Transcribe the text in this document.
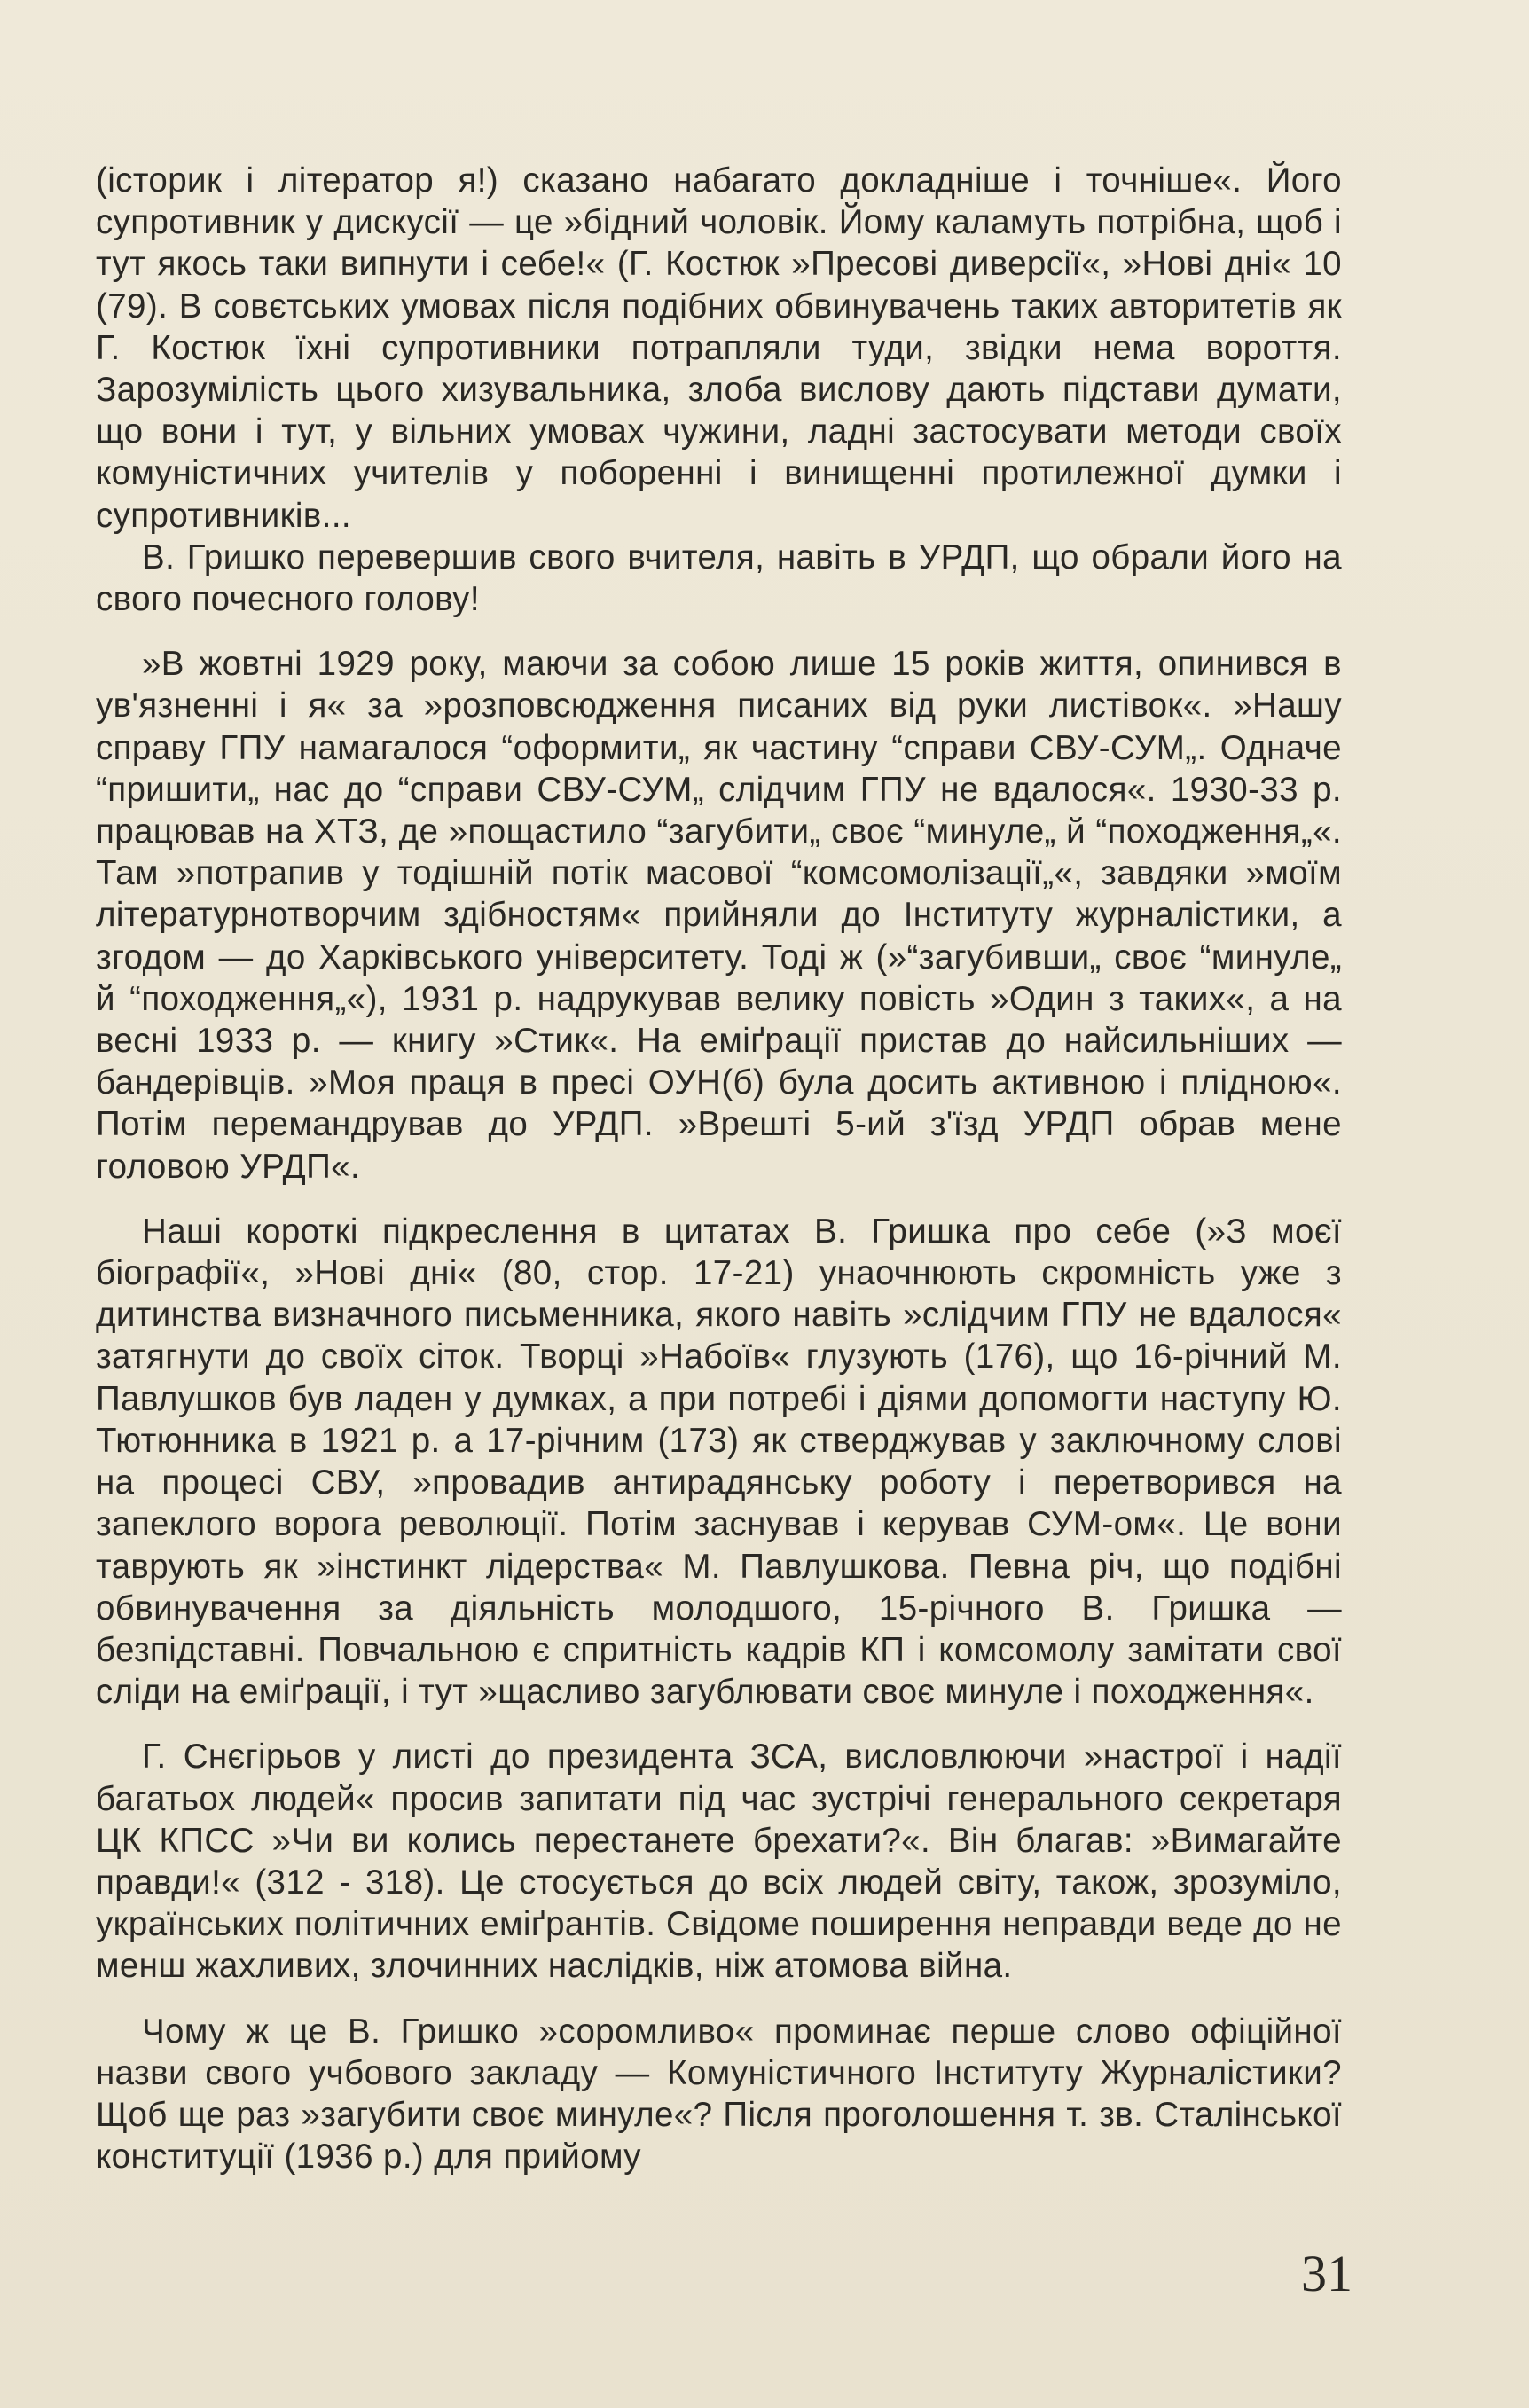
(історик і літератор я!) сказано набагато докладніше і точніше«. Його супротивник у дискусії — це »бідний чоловік. Йому каламуть потрібна, щоб і тут якось таки випнути і себе!« (Г. Костюк »Пресові диверсії«, »Нові дні« 10 (79). В совєтських умовах після подібних обвинувачень таких авторитетів як Г. Костюк їхні супротивники потрапляли туди, звідки нема вороття. Зарозумілість цього хизувальника, злоба вислову дають підстави думати, що вони і тут, у вільних умовах чужини, ладні застосувати методи своїх комуністичних учителів у поборенні і винищенні протилежної думки і супротивників...

В. Гришко перевершив свого вчителя, навіть в УРДП, що обрали його на свого почесного голову!

»В жовтні 1929 року, маючи за собою лише 15 років життя, опинився в ув'язненні і я« за »розповсюдження писаних від руки листівок«. »Нашу справу ГПУ намагалося “оформити„ як частину “справи СВУ-СУМ„. Одначе “пришити„ нас до “справи СВУ-СУМ„ слідчим ГПУ не вдалося«. 1930-33 р. працював на ХТЗ, де »пощастило “загубити„ своє “минуле„ й “походження„«. Там »потрапив у тодішній потік масової “комсомолізації„«, завдяки »моїм літературнотворчим здібностям« прийняли до Інституту журналістики, а згодом — до Харківського університету. Тоді ж (»“загубивши„ своє “минуле„ й “походження„«), 1931 р. надрукував велику повість »Один з таких«, а на весні 1933 р. — книгу »Стик«. На еміґрації пристав до найсильніших — бандерівців. »Моя праця в пресі ОУН(б) була досить активною і плідною«. Потім перемандрував до УРДП. »Врешті 5-ий з'їзд УРДП обрав мене головою УРДП«.

Наші короткі підкреслення в цитатах В. Гришка про себе (»З моєї біографії«, »Нові дні« (80, стор. 17-21) унаочнюють скромність уже з дитинства визначного письменника, якого навіть »слідчим ГПУ не вдалося« затягнути до своїх сіток. Творці »Набоїв« глузують (176), що 16-річний М. Павлушков був ладен у думках, а при потребі і діями допомогти наступу Ю. Тютюнника в 1921 р. а 17-річним (173) як стверджував у заключному слові на процесі СВУ, »провадив антирадянську роботу і перетворився на запеклого ворога революції. Потім заснував і керував СУМ-ом«. Це вони таврують як »інстинкт лідерства« М. Павлушкова. Певна річ, що подібні обвинувачення за діяльність молодшого, 15-річного В. Гришка — безпідставні. Повчальною є спритність кадрів КП і комсомолу замітати свої сліди на еміґрації, і тут »щасливо загублювати своє минуле і походження«.

Г. Снєгірьов у листі до президента ЗСА, висловлюючи »настрої і надії багатьох людей« просив запитати під час зустрічі генерального секретаря ЦК КПСС »Чи ви колись перестанете брехати?«. Він благав: »Вимагайте правди!« (312 - 318). Це стосується до всіх людей світу, також, зрозуміло, українських політичних еміґрантів. Свідоме поширення неправди веде до не менш жахливих, злочинних наслідків, ніж атомова війна.

Чому ж це В. Гришко »соромливо« проминає перше слово офіційної назви свого учбового закладу — Комуністичного Інституту Журналістики? Щоб ще раз »загубити своє минуле«? Після проголошення т. зв. Сталінської конституції (1936 р.) для прийому

31
